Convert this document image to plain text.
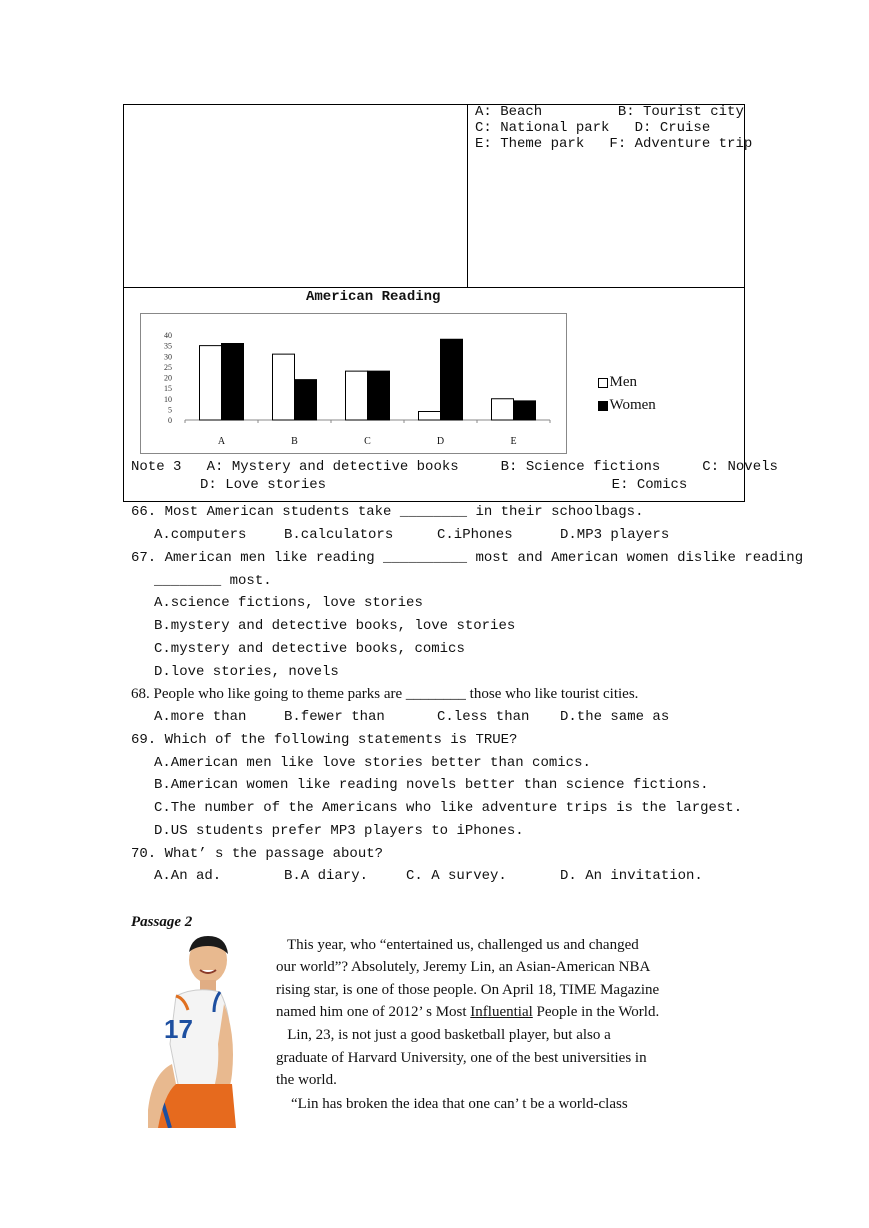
A: Beach         B: Tourist city
C: National park   D: Cruise
E: Theme park   F: Adventure trip
American Reading
0
5
10
15
20
25
30
35
40
A	B	C	D	E

Men

Women

Note 3   A: Mystery and detective books     B: Science fictions     C: Novels
D: Love stories                                  E: Comics
66. Most American students take ________ in their schoolbags.
A.computers	B.calculators	C.iPhones	D.MP3 players
67. American men like reading __________ most and American women dislike reading
________ most.
A.science fictions, love stories
B.mystery and detective books, love stories
C.mystery and detective books, comics
D.love stories, novels
68. People who like going to theme parks are ________ those who like tourist cities.
A.more than	B.fewer than	C.less than D.the same as
69. Which of the following statements is TRUE?
A.American men like love stories better than comics.
B.American women like reading novels better than science fictions.
C.The number of the Americans who like adventure trips is the largest.
D.US students prefer MP3 players to iPhones.
70. What’ s the passage about?
A.An ad.	B.A diary.	C. A survey.	D. An invitation.
Passage 2
17
This year, who “entertained us, challenged us and changed
our world”? Absolutely, Jeremy Lin, an Asian-American NBA
rising star, is one of those people. On April 18, TIME Magazine
named him one of 2012’ s Most Influential People in the World.
Lin, 23, is not just a good basketball player, but also a
graduate of Harvard University, one of the best universities in
the world.
“Lin has broken the idea that one can’ t be a world-class
